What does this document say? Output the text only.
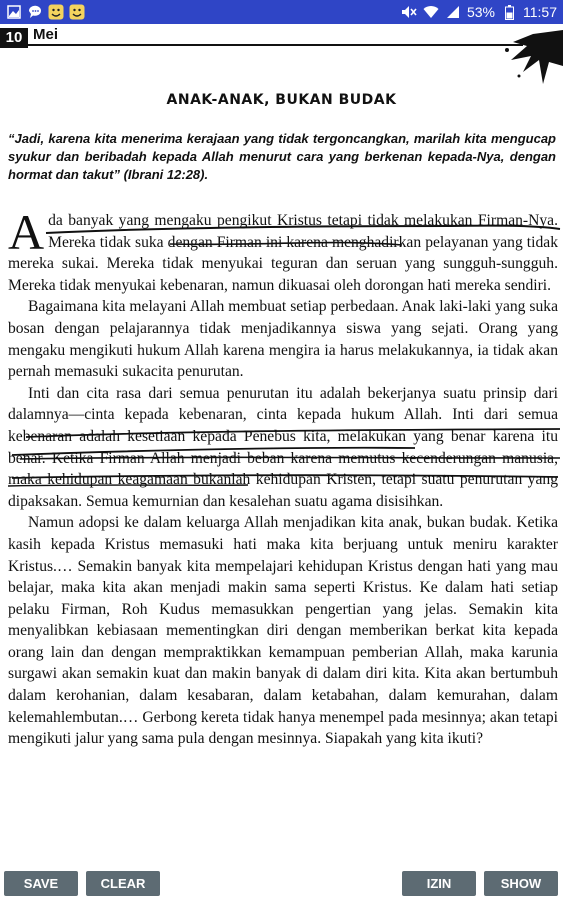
53% 11:57
10 Mei
ANAK-ANAK, BUKAN BUDAK
“Jadi, karena kita menerima kerajaan yang tidak tergoncangkan, marilah kita mengucap syukur dan beribadah kepada Allah menurut cara yang berkenan kepada-Nya, dengan hormat dan takut” (Ibrani 12:28).

Ada banyak yang mengaku pengikut Kristus tetapi tidak melakukan Firman-Nya. Mereka tidak suka dengan Firman ini karena menghadirkan pelayanan yang tidak mereka sukai. Mereka tidak menyukai teguran dan seruan yang sungguh-sungguh. Mereka tidak menyukai kebenaran, namun dikuasai oleh dorongan hati mereka sendiri.

Bagaimana kita melayani Allah membuat setiap perbedaan. Anak laki-laki yang suka bosan dengan pelajarannya tidak menjadikannya siswa yang sejati. Orang yang mengaku mengikuti hukum Allah karena mengira ia harus melakukannya, ia tidak akan pernah memasuki sukacita penurutan.

Inti dan cita rasa dari semua penurutan itu adalah bekerjanya suatu prinsip dari dalamnya—cinta kepada kebenaran, cinta kepada hukum Allah. Inti dari semua kebenaran adalah kesetiaan kepada Penebus kita, melakukan yang benar karena itu benar. Ketika Firman Allah menjadi beban karena memutus kecenderungan manusia, maka kehidupan keagamaan bukanlah kehidupan Kristen, tetapi suatu penurutan yang dipaksakan. Semua kemurnian dan kesalehan suatu agama disisihkan.

Namun adopsi ke dalam keluarga Allah menjadikan kita anak, bukan budak. Ketika kasih kepada Kristus memasuki hati maka kita berjuang untuk meniru karakter Kristus.… Semakin banyak kita mempelajari kehidupan Kristus dengan hati yang mau belajar, maka kita akan menjadi makin sama seperti Kristus. Ke dalam hati setiap pelaku Firman, Roh Kudus memasukkan pengertian yang jelas. Semakin kita menyalibkan kebiasaan mementingkan diri dengan memberikan berkat kita kepada orang lain dan dengan mempraktikkan kemampuan pemberian Allah, maka karunia surgawi akan semakin kuat dan makin banyak di dalam diri kita. Kita akan bertumbuh dalam kerohanian, dalam kesabaran, dalam ketabahan, dalam kemurahan, dalam kelemahlembutan.… Gerbong kereta tidak hanya menempel pada mesinnya; akan tetapi mengikuti jalur yang sama pula dengan mesinnya. Siapakah yang kita ikuti?

SAVE	CLEAR	IZIN	SHOW
